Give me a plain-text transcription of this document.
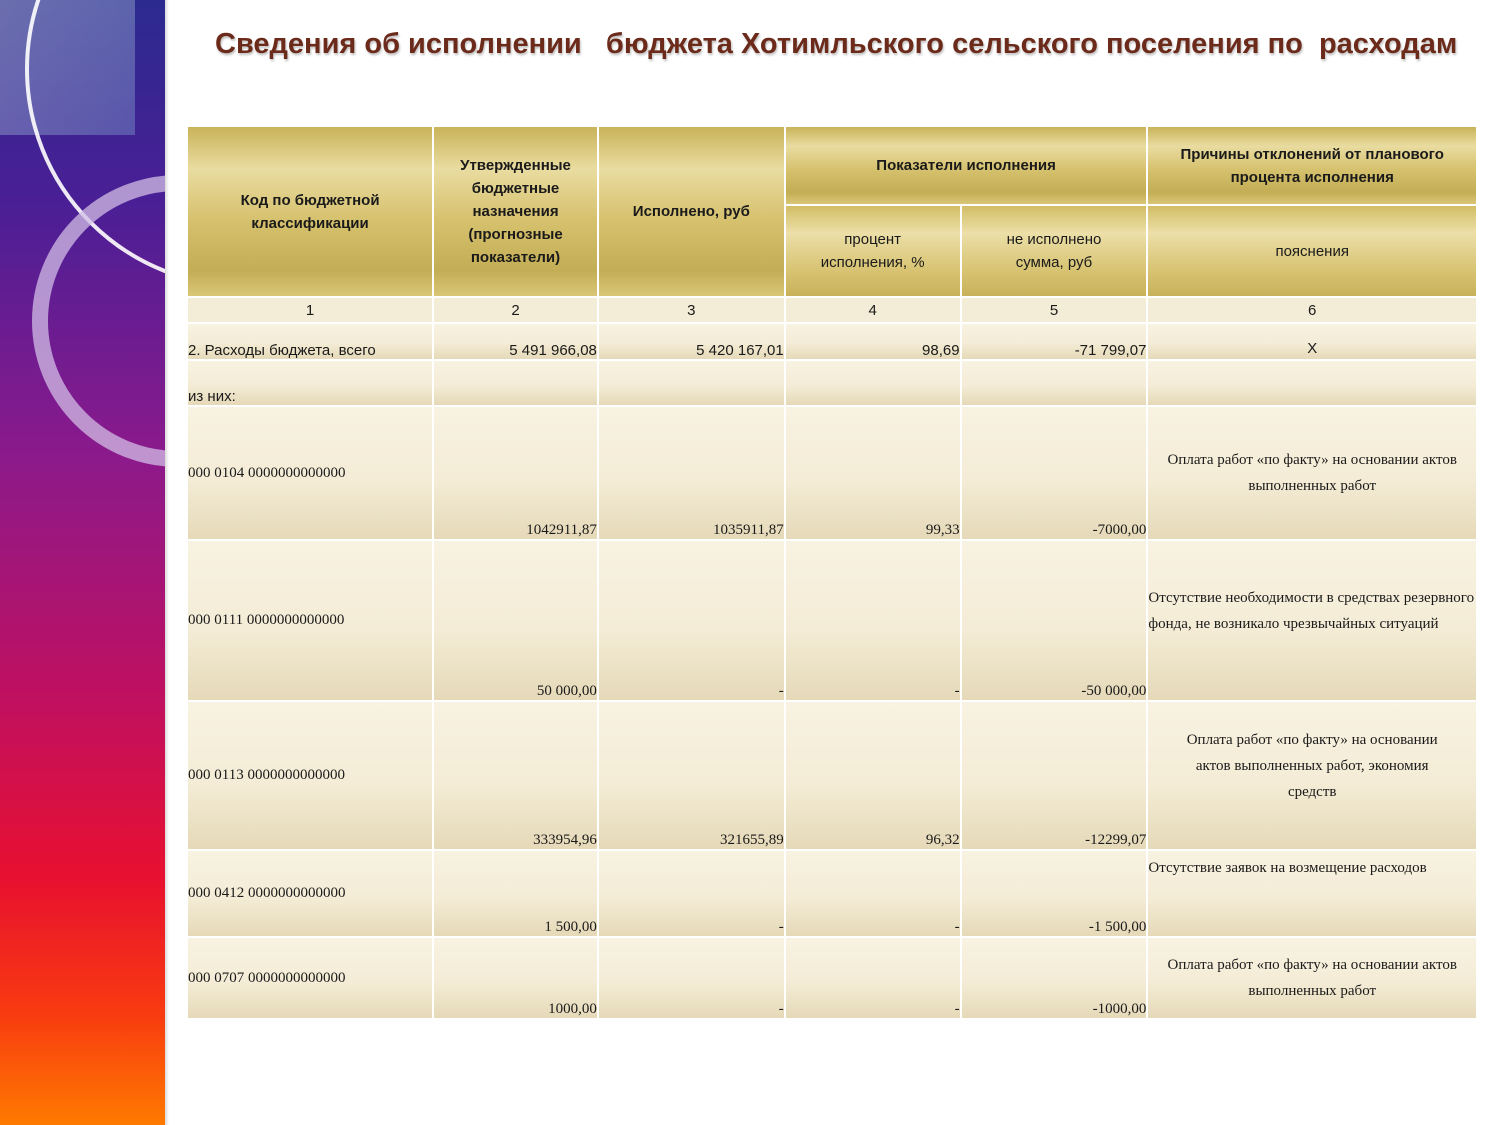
Сведения об исполнении   бюджета Хотимльского сельского поселения по  расходам
Код по бюджетной классификации	Утвержденные бюджетные назначения (прогнозные показатели)	Исполнено, руб	Показатели исполнения		Причины отклонений от планового процента исполнения
			процент исполнения, %	не исполнено сумма, руб	пояснения
1	2	3	4	5	6
2. Расходы бюджета, всего	5 491 966,08	5 420 167,01	98,69	-71 799,07	Х
из них:					
000 0104 0000000000000	1042911,87	1035911,87	99,33	-7000,00	Оплата работ «по факту» на основании актов выполненных работ
000 0111 0000000000000	50 000,00	-	-	-50 000,00	Отсутствие необходимости в средствах резервного фонда, не возникало чрезвычайных ситуаций
000 0113 0000000000000	333954,96	321655,89	96,32	-12299,07	Оплата работ «по факту» на основании актов выполненных работ, экономия средств
000 0412 0000000000000	1 500,00	-	-	-1 500,00	Отсутствие заявок на возмещение расходов
000 0707 0000000000000	1000,00	-	-	-1000,00	Оплата работ «по факту» на основании актов выполненных работ
